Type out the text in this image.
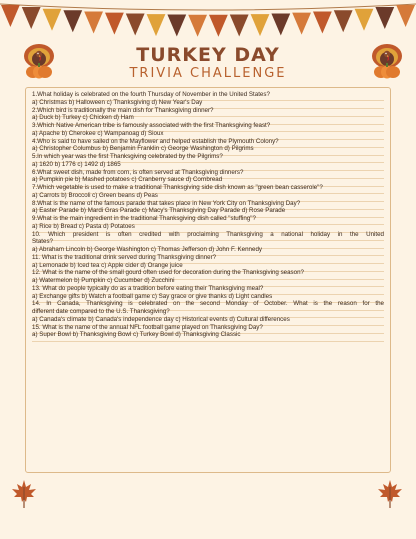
TURKEY DAY
TRIVIA CHALLENGE
1.What holiday is celebrated on the fourth Thursday of November in the United States?
a) Christmas b) Halloween c) Thanksgiving d) New Year's Day
2.Which bird is traditionally the main dish for Thanksgiving dinner?
a) Duck b) Turkey c) Chicken d) Ham
3.Which Native American tribe is famously associated with the first Thanksgiving feast?
a) Apache b) Cherokee c) Wampanoag d) Sioux
4.Who is said to have sailed on the Mayflower and helped establish the Plymouth Colony?
a) Christopher Columbus b) Benjamin Franklin c) George Washington d) Pilgrims
5.In which year was the first Thanksgiving celebrated by the Pilgrims?
a) 1620 b) 1776 c) 1492 d) 1865
6.What sweet dish, made from corn, is often served at Thanksgiving dinners?
a) Pumpkin pie b) Mashed potatoes c) Cranberry sauce d) Cornbread
7.Which vegetable is used to make a traditional Thanksgiving side dish known as "green bean casserole"?
a) Carrots b) Broccoli c) Green beans d) Peas
8.What is the name of the famous parade that takes place in New York City on Thanksgiving Day?
a) Easter Parade b) Mardi Gras Parade c) Macy's Thanksgiving Day Parade d) Rose Parade
9.What is the main ingredient in the traditional Thanksgiving dish called "stuffing"?
a) Rice b) Bread c) Pasta d) Potatoes
10. Which president is often credited with proclaiming Thanksgiving a national holiday in the United
States?
a) Abraham Lincoln b) George Washington c) Thomas Jefferson d) John F. Kennedy
11. What is the traditional drink served during Thanksgiving dinner?
a) Lemonade b) Iced tea c) Apple cider d) Orange juice
12. What is the name of the small gourd often used for decoration during the Thanksgiving season?
a) Watermelon b) Pumpkin c) Cucumber d) Zucchini
13. What do people typically do as a tradition before eating their Thanksgiving meal?
a) Exchange gifts b) Watch a football game c) Say grace or give thanks d) Light candles
14. In Canada, Thanksgiving is celebrated on the second Monday of October. What is the reason for the
different date compared to the U.S. Thanksgiving?
a) Canada's climate b) Canada's independence day c) Historical events d) Cultural differences
15. What is the name of the annual NFL football game played on Thanksgiving Day?
a) Super Bowl b) Thanksgiving Bowl c) Turkey Bowl d) Thanksgiving Classic
